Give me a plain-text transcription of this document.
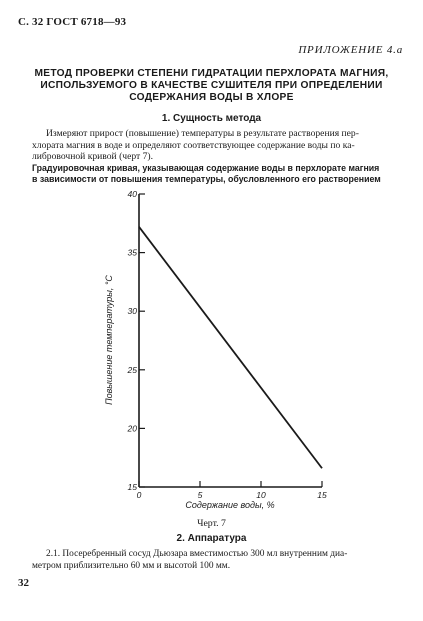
С. 32 ГОСТ 6718—93
ПРИЛОЖЕНИЕ 4.а
МЕТОД ПРОВЕРКИ СТЕПЕНИ ГИДРАТАЦИИ ПЕРХЛОРАТА МАГНИЯ,
ИСПОЛЬЗУЕМОГО В КАЧЕСТВЕ СУШИТЕЛЯ ПРИ ОПРЕДЕЛЕНИИ
СОДЕРЖАНИЯ ВОДЫ В ХЛОРЕ
1. Сущность метода
Измеряют прирост (повышение) температуры в результате растворения пер-
хлората магния в воде и определяют соответствующее содержание воды по ка-
либровочной кривой (черт 7).
Градуировочная кривая, указывающая содержание воды в перхлорате магния
в зависимости от повышения температуры, обусловленного его растворением
15
20
25
30
35
40
0	5	10	15
Повышение температуры, °С
Содержание воды, %
Черт. 7
2. Аппаратура
2.1. Посеребренный сосуд Дьюзара вместимостью 300 мл внутренним диа-
метром приблизительно 60 мм и высотой 100 мм.
32
